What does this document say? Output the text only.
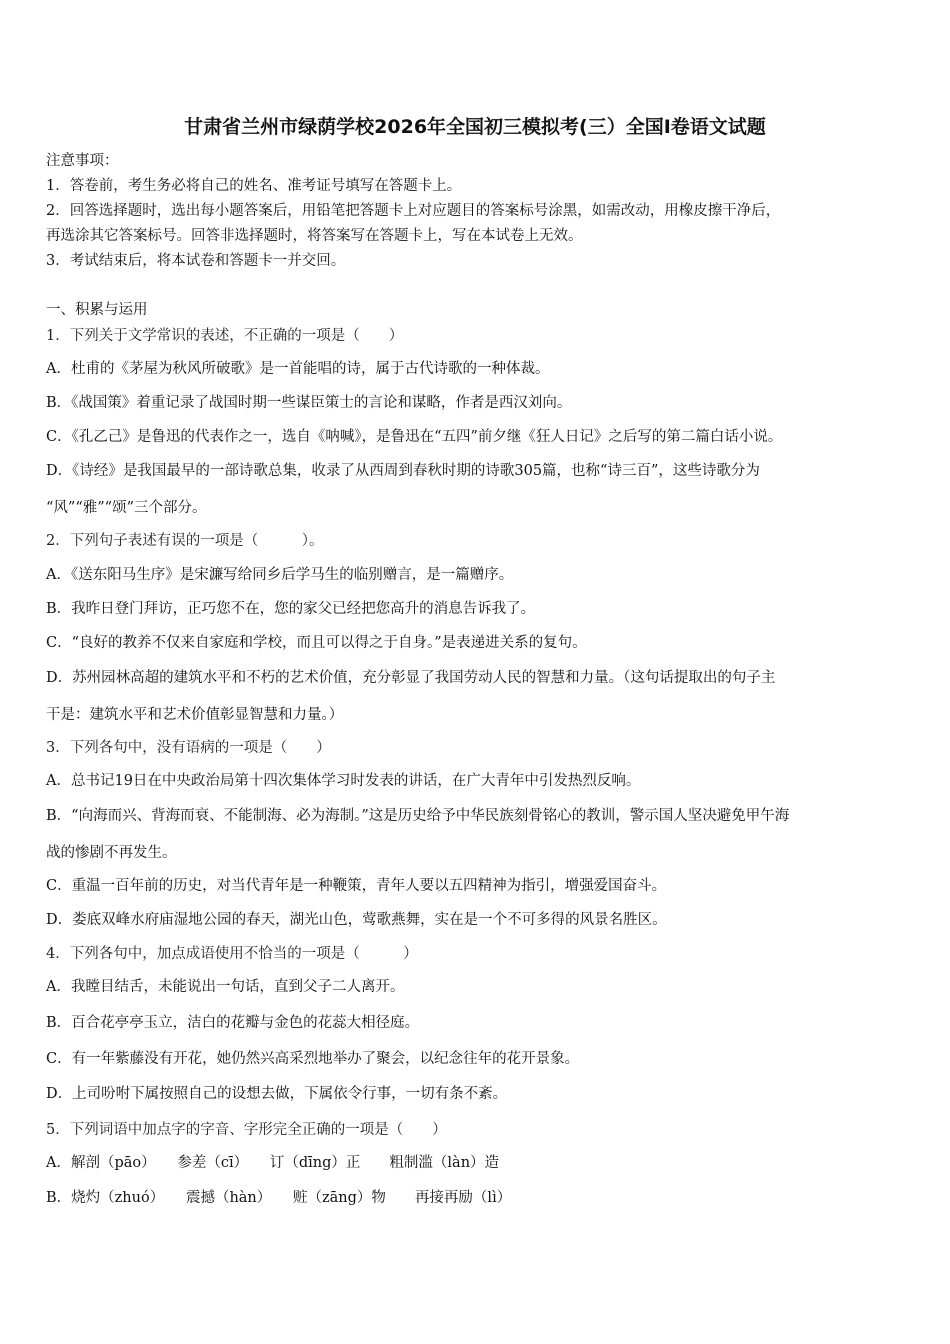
甘肃省兰州市绿荫学校2026年全国初三模拟考(三）全国Ⅰ卷语文试题
注意事项：
1．答卷前，考生务必将自己的姓名、准考证号填写在答题卡上。
2．回答选择题时，选出每小题答案后，用铅笔把答题卡上对应题目的答案标号涂黑，如需改动，用橡皮擦干净后，
再选涂其它答案标号。回答非选择题时，将答案写在答题卡上，写在本试卷上无效。
3．考试结束后，将本试卷和答题卡一并交回。
一、积累与运用
1．下列关于文学常识的表述，不正确的一项是（　　）
A．杜甫的《茅屋为秋风所破歌》是一首能唱的诗，属于古代诗歌的一种体裁。
B．《战国策》着重记录了战国时期一些谋臣策士的言论和谋略，作者是西汉刘向。
C．《孔乙己》是鲁迅的代表作之一，选自《呐喊》，是鲁迅在“五四”前夕继《狂人日记》之后写的第二篇白话小说。
D．《诗经》是我国最早的一部诗歌总集，收录了从西周到春秋时期的诗歌305篇，也称“诗三百”，这些诗歌分为
“风”“雅”“颂”三个部分。
2．下列句子表述有误的一项是（　　　）。
A．《送东阳马生序》是宋濂写给同乡后学马生的临别赠言，是一篇赠序。
B．我昨日登门拜访，正巧您不在，您的家父已经把您高升的消息告诉我了。
C．“良好的教养不仅来自家庭和学校，而且可以得之于自身。”是表递进关系的复句。
D．苏州园林高超的建筑水平和不朽的艺术价值，充分彰显了我国劳动人民的智慧和力量。（这句话提取出的句子主
干是：建筑水平和艺术价值彰显智慧和力量。）
3．下列各句中，没有语病的一项是（　　）
A．总书记19日在中央政治局第十四次集体学习时发表的讲话，在广大青年中引发热烈反响。
B．“向海而兴、背海而衰、不能制海、必为海制。”这是历史给予中华民族刻骨铭心的教训，警示国人坚决避免甲午海
战的惨剧不再发生。
C．重温一百年前的历史，对当代青年是一种鞭策，青年人要以五四精神为指引，增强爱国奋斗。
D．娄底双峰水府庙湿地公园的春天，湖光山色，莺歌燕舞，实在是一个不可多得的风景名胜区。
4．下列各句中，加点成语使用不恰当的一项是（　　　）
A．我瞠目结舌，未能说出一句话，直到父子二人离开。
B．百合花亭亭玉立，洁白的花瓣与金色的花蕊大相径庭。
C．有一年紫藤没有开花，她仍然兴高采烈地举办了聚会，以纪念往年的花开景象。
D．上司吩咐下属按照自己的设想去做，下属依令行事，一切有条不紊。
5．下列词语中加点字的字音、字形完全正确的一项是（　　）
A．解剖（pāo）　　参差（cī）　　订（dīng）正　　粗制滥（làn）造
B．烧灼（zhuó）　　震撼（hàn）　　赃（zāng）物　　再接再励（lì）
